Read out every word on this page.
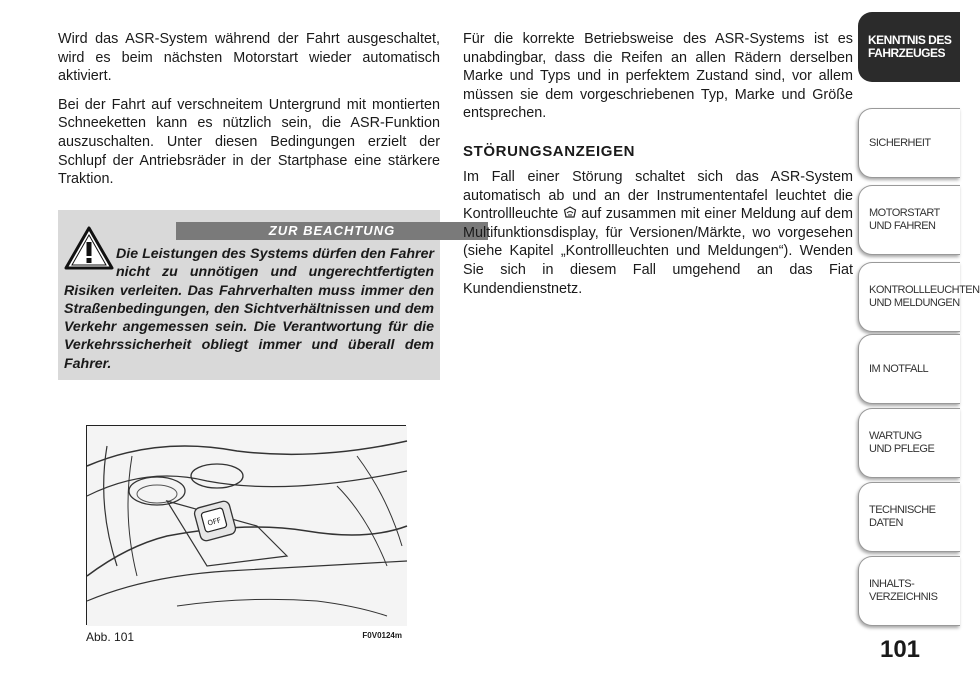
Wird das ASR-System während der Fahrt ausgeschaltet, wird es beim nächsten Motorstart wieder automatisch aktiviert.

Bei der Fahrt auf verschneitem Untergrund mit montierten Schneeketten kann es nützlich sein, die ASR-Funktion auszuschalten. Unter diesen Bedingungen erzielt der Schlupf der Antriebsräder in der Startphase eine stärkere Traktion.

ZUR BEACHTUNG
Die Leistungen des Systems dürfen den Fahrer nicht zu unnötigen und ungerechtfertigten Risiken verleiten. Das Fahrverhalten muss immer den Straßenbedingungen, den Sichtverhältnissen und dem Verkehr angemessen sein. Die Verantwortung für die Verkehrssicherheit obliegt immer und überall dem Fahrer.
OFF
Abb. 101	F0V0124m

Für die korrekte Betriebsweise des ASR-Systems ist es unabdingbar, dass die Reifen an allen Rädern derselben Marke und Typs und in perfektem Zustand sind, vor allem müssen sie dem vorgeschriebenen Typ, Marke und Größe entsprechen.

STÖRUNGSANZEIGEN

Im Fall einer Störung schaltet sich das ASR-System automatisch ab und an der Instrumententafel leuchtet die Kontrollleuchte auf zusammen mit einer Meldung auf dem Multifunktionsdisplay, für Versionen/Märkte, wo vorgesehen (siehe Kapitel „Kontrollleuchten und Meldungen“). Wenden Sie sich in diesem Fall umgehend an das Fiat Kundendienstnetz.

KENNTNIS DES
FAHRZEUGES
SICHERHEIT
MOTORSTART
UND FAHREN
KONTROLLLEUCHTEN
UND MELDUNGEN
IM NOTFALL
WARTUNG
UND PFLEGE
TECHNISCHE DATEN
INHALTS-
VERZEICHNIS
101
